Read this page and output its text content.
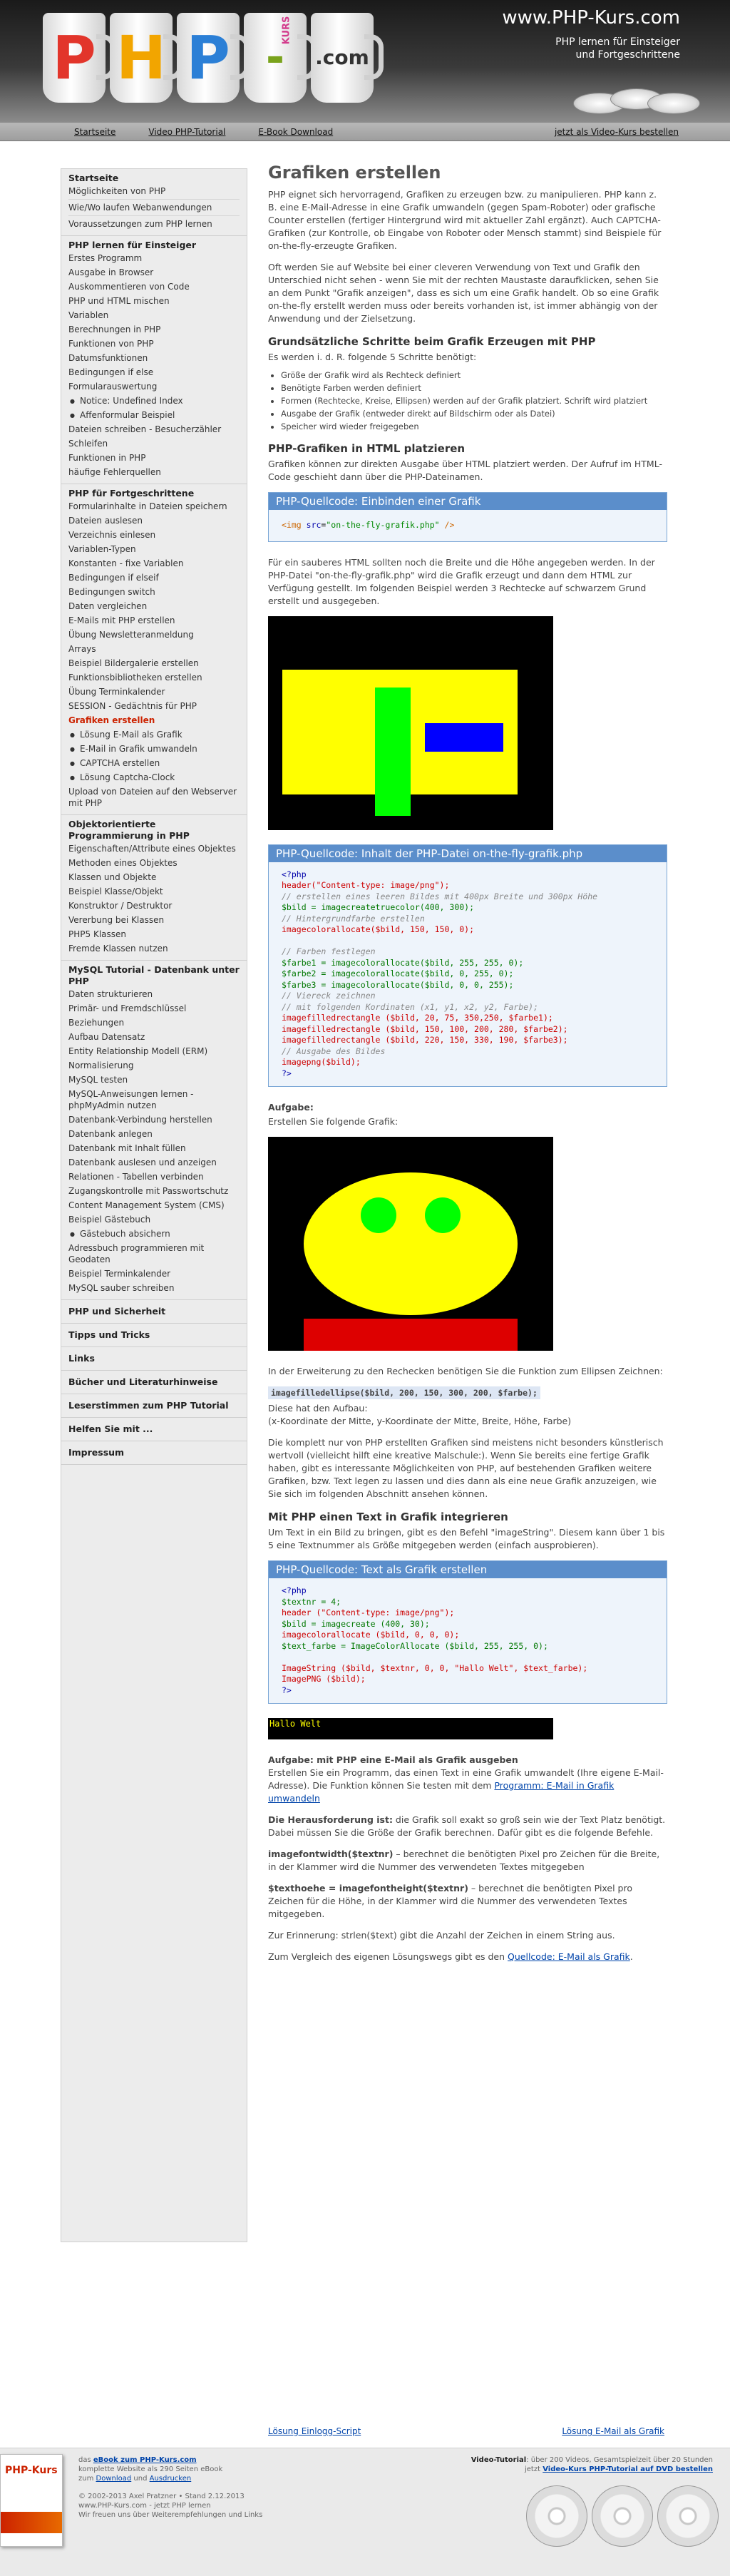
P H P -
KURS
.com
www.PHP-Kurs.com
PHP lernen für Einsteiger
und Fortgeschrittene
Startseite	Video PHP-Tutorial	E-Book Download	jetzt als Video-Kurs bestellen
Startseite
Möglichkeiten von PHP
Wie/Wo laufen Webanwendungen
Voraussetzungen zum PHP lernen
PHP lernen für Einsteiger
Erstes Programm
Ausgabe in Browser
Auskommentieren von Code
PHP und HTML mischen
Variablen
Berechnungen in PHP
Funktionen von PHP
Datumsfunktionen
Bedingungen if else
Formularauswertung
● Notice: Undefined Index
● Affenformular Beispiel
Dateien schreiben - Besucherzähler
Schleifen
Funktionen in PHP
häufige Fehlerquellen
PHP für Fortgeschrittene
Formularinhalte in Dateien speichern
Dateien auslesen
Verzeichnis einlesen
Variablen-Typen
Konstanten - fixe Variablen
Bedingungen if elseif
Bedingungen switch
Daten vergleichen
E-Mails mit PHP erstellen
Übung Newsletteranmeldung
Arrays
Beispiel Bildergalerie erstellen
Funktionsbibliotheken erstellen
Übung Terminkalender
SESSION - Gedächtnis für PHP
Grafiken erstellen
● Lösung E-Mail als Grafik
● E-Mail in Grafik umwandeln
● CAPTCHA erstellen
● Lösung Captcha-Clock
Upload von Dateien auf den Webserver mit PHP
Objektorientierte Programmierung in PHP
Eigenschaften/Attribute eines Objektes
Methoden eines Objektes
Klassen und Objekte
Beispiel Klasse/Objekt
Konstruktor / Destruktor
Vererbung bei Klassen
PHP5 Klassen
Fremde Klassen nutzen
MySQL Tutorial - Datenbank unter PHP
Daten strukturieren
Primär- und Fremdschlüssel
Beziehungen
Aufbau Datensatz
Entity Relationship Modell (ERM)
Normalisierung
MySQL testen
MySQL-Anweisungen lernen - phpMyAdmin nutzen
Datenbank-Verbindung herstellen
Datenbank anlegen
Datenbank mit Inhalt füllen
Datenbank auslesen und anzeigen
Relationen - Tabellen verbinden
Zugangskontrolle mit Passwortschutz
Content Management System (CMS)
Beispiel Gästebuch
● Gästebuch absichern
Adressbuch programmieren mit Geodaten
Beispiel Terminkalender
MySQL sauber schreiben
PHP und Sicherheit
Tipps und Tricks
Links
Bücher und Literaturhinweise
Leserstimmen zum PHP Tutorial
Helfen Sie mit ...
Impressum
Grafiken erstellen

PHP eignet sich hervorragend, Grafiken zu erzeugen bzw. zu manipulieren. PHP kann z. B. eine E-Mail-Adresse in eine Grafik umwandeln (gegen Spam-Roboter) oder grafische Counter erstellen (fertiger Hintergrund wird mit aktueller Zahl ergänzt). Auch CAPTCHA-Grafiken (zur Kontrolle, ob Eingabe von Roboter oder Mensch stammt) sind Beispiele für on-the-fly-erzeugte Grafiken.

Oft werden Sie auf Website bei einer cleveren Verwendung von Text und Grafik den Unterschied nicht sehen - wenn Sie mit der rechten Maustaste daraufklicken, sehen Sie an dem Punkt "Grafik anzeigen", dass es sich um eine Grafik handelt. Ob so eine Grafik on-the-fly erstellt werden muss oder bereits vorhanden ist, ist immer abhängig von der Anwendung und der Zielsetzung.

Grundsätzliche Schritte beim Grafik Erzeugen mit PHP

Es werden i. d. R. folgende 5 Schritte benötigt:

• Größe der Grafik wird als Rechteck definiert
• Benötigte Farben werden definiert
• Formen (Rechtecke, Kreise, Ellipsen) werden auf der Grafik platziert. Schrift wird platziert
• Ausgabe der Grafik (entweder direkt auf Bildschirm oder als Datei)
• Speicher wird wieder freigegeben
PHP-Grafiken in HTML platzieren

Grafiken können zur direkten Ausgabe über HTML platziert werden. Der Aufruf im HTML-Code geschieht dann über die PHP-Dateinamen.

PHP-Quellcode: Einbinden einer Grafik
<img src="on-the-fly-grafik.php" />

Für ein sauberes HTML sollten noch die Breite und die Höhe angegeben werden. In der PHP-Datei "on-the-fly-grafik.php" wird die Grafik erzeugt und dann dem HTML zur Verfügung gestellt. Im folgenden Beispiel werden 3 Rechtecke auf schwarzem Grund erstellt und ausgegeben.

PHP-Quellcode: Inhalt der PHP-Datei on-the-fly-grafik.php
<?php
header("Content-type: image/png");
// erstellen eines leeren Bildes mit 400px Breite und 300px Höhe
$bild = imagecreatetruecolor(400, 300);
// Hintergrundfarbe erstellen
imagecolorallocate($bild, 150, 150, 0);

// Farben festlegen
$farbe1 = imagecolorallocate($bild, 255, 255, 0);
$farbe2 = imagecolorallocate($bild, 0, 255, 0);
$farbe3 = imagecolorallocate($bild, 0, 0, 255);
// Viereck zeichnen
// mit folgenden Kordinaten (x1, y1, x2, y2, Farbe);
imagefilledrectangle ($bild, 20, 75, 350,250, $farbe1);
imagefilledrectangle ($bild, 150, 100, 200, 280, $farbe2);
imagefilledrectangle ($bild, 220, 150, 330, 190, $farbe3);
// Ausgabe des Bildes
imagepng($bild);
?>

Aufgabe:

Erstellen Sie folgende Grafik:

In der Erweiterung zu den Rechecken benötigen Sie die Funktion zum Ellipsen Zeichnen:

imagefilledellipse($bild, 200, 150, 300, 200, $farbe);

Diese hat den Aufbau:

(x-Koordinate der Mitte, y-Koordinate der Mitte, Breite, Höhe, Farbe)

Die komplett nur von PHP erstellten Grafiken sind meistens nicht besonders künstlerisch wertvoll (vielleicht hilft eine kreative Malschule:). Wenn Sie bereits eine fertige Grafik haben, gibt es interessante Möglichkeiten von PHP, auf bestehenden Grafiken weitere Grafiken, bzw. Text legen zu lassen und dies dann als eine neue Grafik anzuzeigen, wie Sie sich im folgenden Abschnitt ansehen können.

Mit PHP einen Text in Grafik integrieren

Um Text in ein Bild zu bringen, gibt es den Befehl "imageString". Diesem kann über 1 bis 5 eine Textnummer als Größe mitgegeben werden (einfach ausprobieren).

PHP-Quellcode: Text als Grafik erstellen
<?php
$textnr = 4;
header ("Content-type: image/png");
$bild = imagecreate (400, 30);
imagecolorallocate ($bild, 0, 0, 0);
$text_farbe = ImageColorAllocate ($bild, 255, 255, 0);

ImageString ($bild, $textnr, 0, 0, "Hallo Welt", $text_farbe);
ImagePNG ($bild);
?>
Hallo Welt

Aufgabe: mit PHP eine E-Mail als Grafik ausgeben

Erstellen Sie ein Programm, das einen Text in eine Grafik umwandelt (Ihre eigene E-Mail-Adresse). Die Funktion können Sie testen mit dem Programm: E-Mail in Grafik umwandeln

Die Herausforderung ist: die Grafik soll exakt so groß sein wie der Text Platz benötigt. Dabei müssen Sie die Größe der Grafik berechnen. Dafür gibt es die folgende Befehle.

imagefontwidth($textnr) – berechnet die benötigten Pixel pro Zeichen für die Breite, in der Klammer wird die Nummer des verwendeten Textes mitgegeben

$texthoehe = imagefontheight($textnr) – berechnet die benötigten Pixel pro Zeichen für die Höhe, in der Klammer wird die Nummer des verwendeten Textes mitgegeben.

Zur Erinnerung: strlen($text) gibt die Anzahl der Zeichen in einem String aus.

Zum Vergleich des eigenen Lösungswegs gibt es den Quellcode: E-Mail als Grafik.

Lösung Einlogg-Script	Lösung E-Mail als Grafik
PHP-Kurs
das eBook zum PHP-Kurs.com
komplette Website als 290 Seiten eBook
zum Download und Ausdrucken
© 2002-2013 Axel Pratzner • Stand 2.12.2013
www.PHP-Kurs.com - jetzt PHP lernen
Wir freuen uns über Weiterempfehlungen und Links
Video-Tutorial: über 200 Videos, Gesamtspielzeit über 20 Stunden
jetzt Video-Kurs PHP-Tutorial auf DVD bestellen
